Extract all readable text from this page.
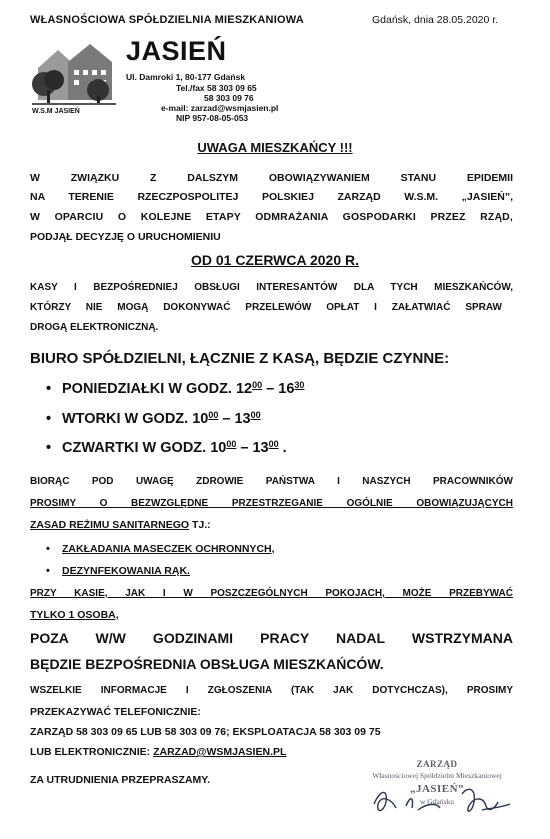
WŁASNOŚCIOWA SPÓŁDZIELNIA MIESZKANIOWA	Gdańsk, dnia 28.05.2020 r.
W.S.M JASIEŃ
JASIEŃ
Ul. Damroki 1, 80-177 Gdańsk
Tel./fax 58 303 09 65
58 303 09 76
e-mail: zarzad@wsmjasien.pl
NIP 957-08-05-053
UWAGA MIESZKAŃCY !!!
W ZWIĄZKU Z DALSZYM OBOWIĄZYWANIEM STANU EPIDEMII
NA TERENIE RZECZPOSPOLITEJ POLSKIEJ ZARZĄD W.S.M. „JASIEŃ”,
W OPARCIU O KOLEJNE ETAPY ODMRAŻANIA GOSPODARKI PRZEZ RZĄD,
PODJĄŁ DECYZJĘ O URUCHOMIENIU
OD 01 CZERWCA 2020 R.
KASY I BEZPOŚREDNIEJ OBSŁUGI INTERESANTÓW DLA TYCH MIESZKAŃCÓW,
KTÓRZY NIE MOGĄ DOKONYWAĆ PRZELEWÓW OPŁAT I ZAŁATWIAĆ SPRAW
DROGĄ ELEKTRONICZNĄ.
BIURO SPÓŁDZIELNI, ŁĄCZNIE Z KASĄ, BĘDZIE CZYNNE:
• PONIEDZIAŁKI W GODZ. $12^{00} - 16^{30}$
• WTORKI W GODZ. $10^{00} - 13^{00}$
• CZWARTKI W GODZ. $10^{00} - 13^{00}$ .
BIORĄC POD UWAGĘ ZDROWIE PAŃSTWA I NASZYCH PRACOWNIKÓW
PROSIMY O BEZWZGLĘDNE PRZESTRZEGANIE OGÓLNIE OBOWIĄZUJĄCYCH
ZASAD REŻIMU SANITARNEGO TJ.:
• ZAKŁADANIA MASECZEK OCHRONNYCH,
• DEZYNFEKOWANIA RĄK.
PRZY KASIE, JAK I W POSZCZEGÓLNYCH POKOJACH, MOŻE PRZEBYWAĆ
TYLKO 1 OSOBA,
POZA W/W GODZINAMI PRACY NADAL WSTRZYMANA
BĘDZIE BEZPOŚREDNIA OBSŁUGA MIESZKAŃCÓW.
WSZELKIE INFORMACJE I ZGŁOSZENIA (TAK JAK DOTYCHCZAS), PROSIMY
PRZEKAZYWAĆ TELEFONICZNIE:
ZARZĄD 58 303 09 65 LUB 58 303 09 76; EKSPLOATACJA 58 303 09 75
LUB ELEKTRONICZNIE: ZARZAD@WSMJASIEN.PL
ZA UTRUDNIENIA PRZEPRASZAMY.
ZARZĄD
Własnościowej Spółdzielni Mieszkaniowej
„JASIEŃ”
w Gdańsku
